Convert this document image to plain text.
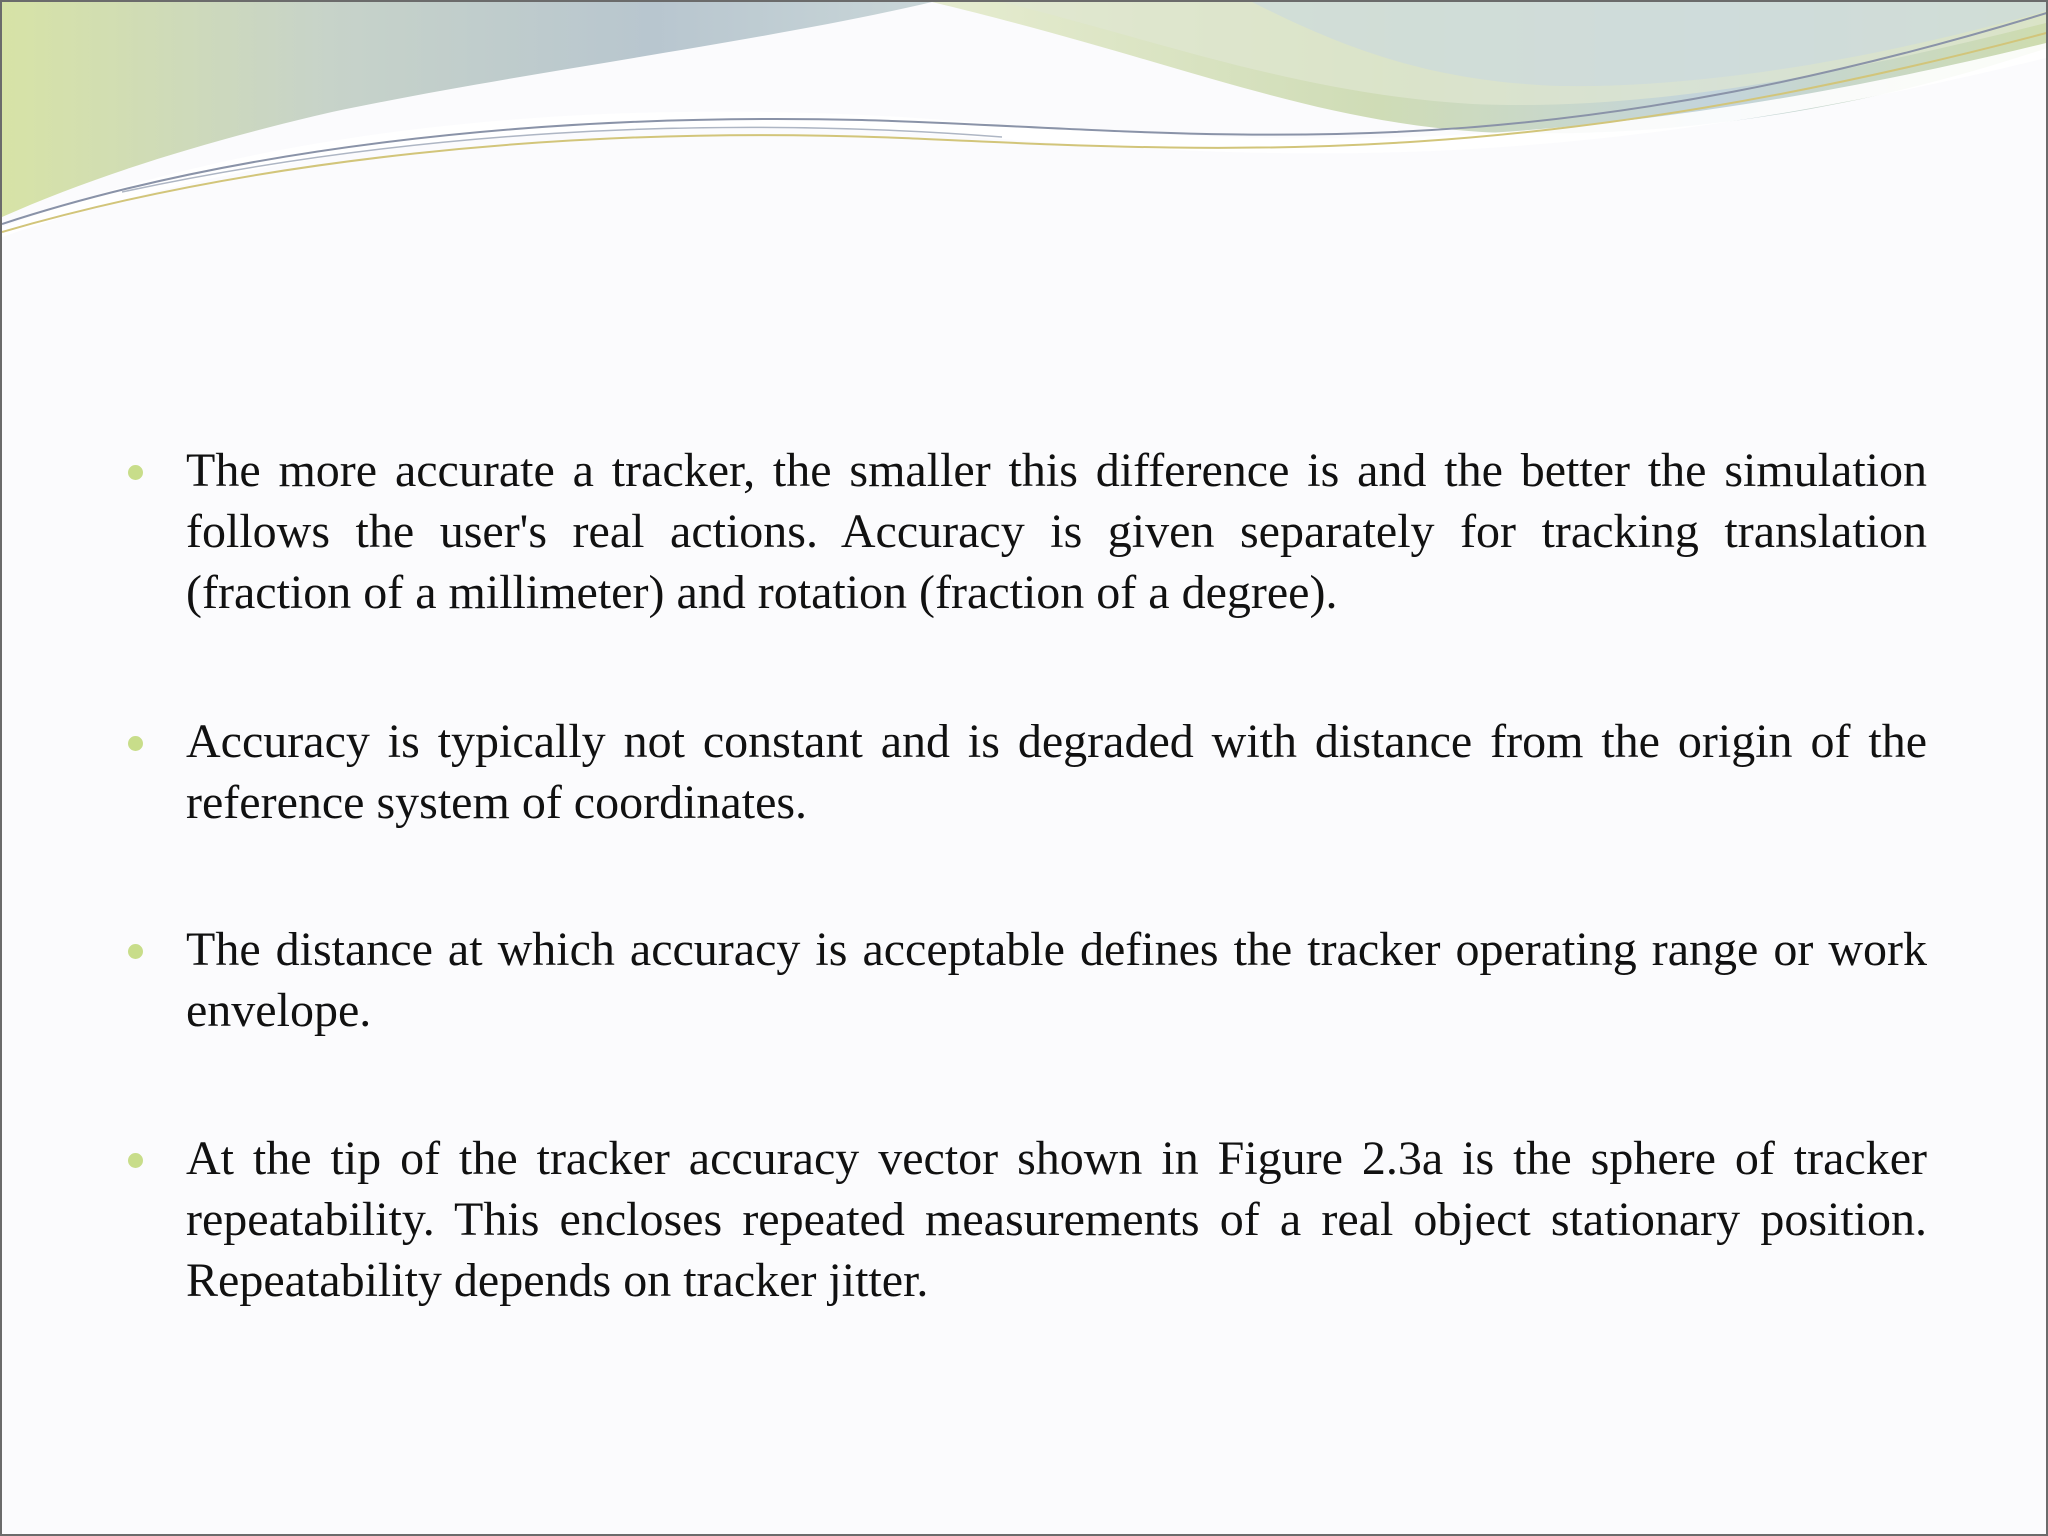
The more accurate a tracker, the smaller this difference is and the better the simulation follows the user's real actions. Accuracy is given separately for tracking translation (fraction of a millimeter) and rotation (fraction of a degree).
Accuracy is typically not constant and is degraded with distance from the origin of the reference system of coordinates.
The distance at which accuracy is acceptable defines the tracker operating range or work envelope.
At the tip of the tracker accuracy vector shown in Figure 2.3a is the sphere of tracker repeatability. This encloses repeated measurements of a real object stationary position. Repeatability depends on tracker jitter.
